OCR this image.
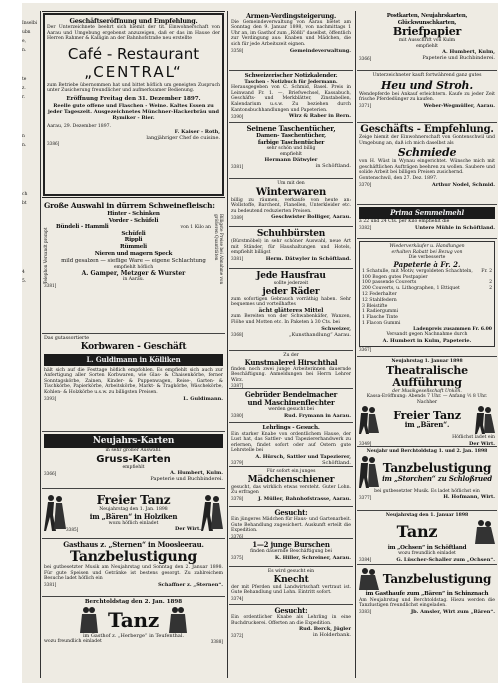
Inselbi
ubn
e,
n.
te
z.
r.
n
n.
ch
bt
4
5.
Geschäftseröffnung und Empfehlung.
Der Unterzeichnete beehrt sich hiemit der tit. Einwohnerschaft von Aarau und Umgebung ergebenst anzuzeigen, daß er das im Hause der Herren Rahmer & Kalligin an der Bahnhofstraße neu erstellte
Café - Restaurant
„CENTRAL“
zum Betriebe übernommen hat und bittet höflich um geneigten Zuspruch unter Zusicherung freundlicher und aufmerksamer Bedienung.
Eröffnung Freitag den 31. Dezember 1897.
Reelle gute offene und Flaschen - Weine. Kaltes Essen zu jeder Tageszeit. Ausgezeichnetes Münchner-Hackerbräu und Rymiker - Bier.
Aarau, 29. Dezember 1897.
F. Kaiser - Roth,
langjähriger Chef de cuisine.
3386]
Große Auswahl in dürrem Schweinefleisch:
Telephon Versandt prompt	Billigste Preise bei Abnahme von größeren Quantitäten
Hinter - Schinken
Vorder - Schüfeli
Bündeli - Hammli	von 1 Kilo an
Schüfeli
Rippli
Rümmeli
Nieren und magern Speck
mild gesalzen — sieflige Ware — eigene Schlachtung
empfiehlt höflich
A. Gamper, Metzger & Wurster
in Aarau.
3381]
Das gutassortierte
Korbwaren - Geschäft
L. Guldimann in Kölliken
hält sich auf die Festtage höflich empfohlen. Es empfiehlt sich auch zur Anfertigung aller Sorten Korbwaren, wie Glas- & Chaisenkörbe, ferner Sonntagskörbe, Zainen, Kinder- & Puppenwagen, Reise-, Garten- & Tischkörbe, Papierkörbe, Arbeitskörbe, Markt- & Tragkörbe, Wäschekörbe, Kohlen- & Holzkörbe u.s.w. zu billigsten Preisen.
3393]	L. Guldimann.
Neujahrs-Karten
in sehr großer Auswahl.
Gruss-Karten
empfiehlt
3366]	A. Humbert, Kulm.
Papeterie und Buchbinderei.
Freier Tanz
Neujahrstag den 1. Jan. 1898
im „Bären“ in Holziken
wozu höflich einladet
3385]	Der Wirt.
Gasthaus z. „Sternen“ in Moosleerau.
Tanzbelustigung
bei gutbesetzter Musik am Neujahrstag und Sonntag den 2. Januar 1898. Für gute Speisen und Getränke ist bestens gesorgt. Zu zahlreichem Besuche ladet höflich ein
3381]	Schaffner z. „Sternen“.
Berchtoldstag den 2. Jan. 1898
Tanz
im Gasthof z. „Herberge“ in Teufenthal.
wozu freundlich einladet	3388]
Armen-Verdingsteigerung.
Die Gemeindeverwaltung von Aarau bietet am Sonntag den 9. Januar 1898, von nachmittags 1 Uhr an, im Gasthof zum „Rößli“ daselbst, öffentlich zur Verdingung aus: Knaben und Mädchen, die sich für jede Arbeitszeit eignen.
3358]	Gemeindeverwaltung.
Schweizerischer Notizkalender.
Taschen - Notizbuch für Jedermann.
Herausgegeben von C. Schmid, Basel. Preis in Leinwand Fr. 1. —, Briefwechsel, Kassabuch, Geschäfts- und Merkblätter, Zinstabellen, Kalendarium u.s.w. Zu beziehen durch Kantonsbuchhandlungen und Papeterien.
3390]	Wirz & Raber in Bern.
Seinene Taschentücher,
Damen- Taschentücher,
farbige Taschentücher
sehr schön und billig
empfiehlt
Hermann Dätwyler
3381]	in Schöftland.
Um mit den
Winterwaren
billig zu räumen, verkaufe von heute an: Wollstoffe, Barchent, Flanellen, Unterkleider etc. zu bedeutend reduzierten Preisen.
3389]	Geschwister Bolliger, Aarau.
Schuhbürsten
(Bürstmöbel) in sehr schöner Auswahl, neue Art mit Ständer, für Haushaltungen und Hotels, empfiehlt billigst
3381]	Herm. Dätwyler in Schöftland.
Jede Hausfrau
sollte jederzeit
jeder Räder
zum sofortigen Gebrauch vorräthig haben. Sehr bequemes und vorteilhaftes
ächt glätteres Mittel
zum Bereiten von der Schwabenkäfer, Wanzen, Flöhe und Motten etc. In Paketen à 30 Cts. bei
Schweizer,
3368]	„Kunsthandlung“ Aarau.
Zu der
Kunstmalerei Hirschthal
finden noch zwei junge Arbeiterinnen dauernde Beschäftigung. Anmeldungen bei Herrn Lehrer Wirz.
3387]
Gebrüder Bendelmacher
und Maschinenflechter
werden gesucht bei
3380]	Rud. Frymann in Aarau.
Lehrlings - Gesuch.
Ein starker Knabe von ordentlichem Hause, der Lust hat, das Sattler- und Tapeziererhandwerk zu erlernen, findet sofort oder auf Ostern gute Lehrstelle bei
A. Hürsch, Sattler und Tapezierer,
3379]	Schöftland.
Für sofort ein junges
Mädchenschiener
gesucht, das wirklich etwas versteht. Guter Lohn. Zu erfragen
3378]	J. Müller, Bahnhofstrasse, Aarau.
Gesucht:
Ein jüngeres Mädchen für Haus- und Gartenarbeit. Gute Behandlung zugesichert. Auskunft erteilt die Expedition.
3376]
1—2 junge Burschen
finden dauernde Beschäftigung bei
3375]	K. Hiller, Schreiner, Aarau.
Es wird gesucht ein
Knecht
der mit Pferden und Landwirtschaft vertraut ist. Gute Behandlung und Lohn. Eintritt sofort.
3374]
Gesucht:
Ein ordentlicher Knabe als Lehrling in eine Buchdruckerei. Offerten an die Expedition.
Rud. Berck, Jügler
3372]	in Holderbank.
Postkarten, Neujahrskarten, Glückwunschkarten,
Briefpapier
mit Ausschrift von Kulm
empfiehlt
A. Humbert, Kulm,
3366]	Papeterie und Buchbinderei.
Unterzeichneter kauft fortwährend ganz gutes
Heu und Stroh.
Wendepferde bei Ankauf erleichtern. Kaufe zu jeder Zeit frische Pferdedünger zu kaufen.
3371]	Weber-Wegmüller, Aarau.
Geschäfts - Empfehlung.
Zeige hiemit der Einwohnerschaft von Gontenschwil und Umgebung an, daß ich mich daselbst als
Schmiede
von H. Wüst in Wynau eingerichtet. Wünsche mich mit geschäftlichen Aufträgen beehren zu wollen. Saubere und solide Arbeit bei billigen Preisen zusichernd.
Gontenschwil, den 27. Dez. 1897.
3370]	Arthur Nodel, Schmid.
Prima Semmelmehl
à 22 und 24 Cts. per Kilo empfiehlt die
3382]	Untere Mühle in Schöftland.
Wiederverkäufer u. Handlungen
erhalten Rabatt bei Bezug von
Die verbesserte
Papeterie à Fr. 2.
1 Schatulle, mit Motiv, vergoldeten Schachteln, Fr. 2
100 Bogen gutes Postpapier
100 passende Couverts	2
200 Couverts, u. Lithographen, 1 Ettiquet	2
12 Federhalter
12 Stahlfedern
3 Bleistifte
1 Radiergummi
1 Flasche Tinte
1 Flacon Gummi
Ladenpreis zusammen Fr. 6.00
Versandt gegen Nachnahme durch
A. Humbert in Kulm, Papeterie.
3367]
Neujahrstag 1. Januar 1898
Theatralische Aufführung
der Musikgesellschaft Unkon.
Kassa-Eröffnung: Abends 7 Uhr. — Anfang ½ 8 Uhr.
Nachher
Freier Tanz
im „Bären“.
Höflichst ladet ein
3349]	Der Wirt.
Neujahr und Berchtoldstag 1. und 2. Jan. 1898
Tanzbelustigung
im „Storchen“ zu Schloßrued
bei gutbesetzter Musik. Es ladet höflichst ein
3377]	H. Hofmann, Wirt.
Neujahrstag den 1. Januar 1898
Tanz
im „Ochsen“ in Schöftland
wozu freundlich einladet
3384]	G. Lüscher-Schaller zum „Ochsen“.
Tanzbelustigung
im Gasthaufe zum „Bären“ in Schinznach
Am Neujahrstag und Berchtoldstag. Hiezu werden die Tanzlustigen freundlichst eingeladen.
3383]	Jb. Amsler, Wirt zum „Bären“.
